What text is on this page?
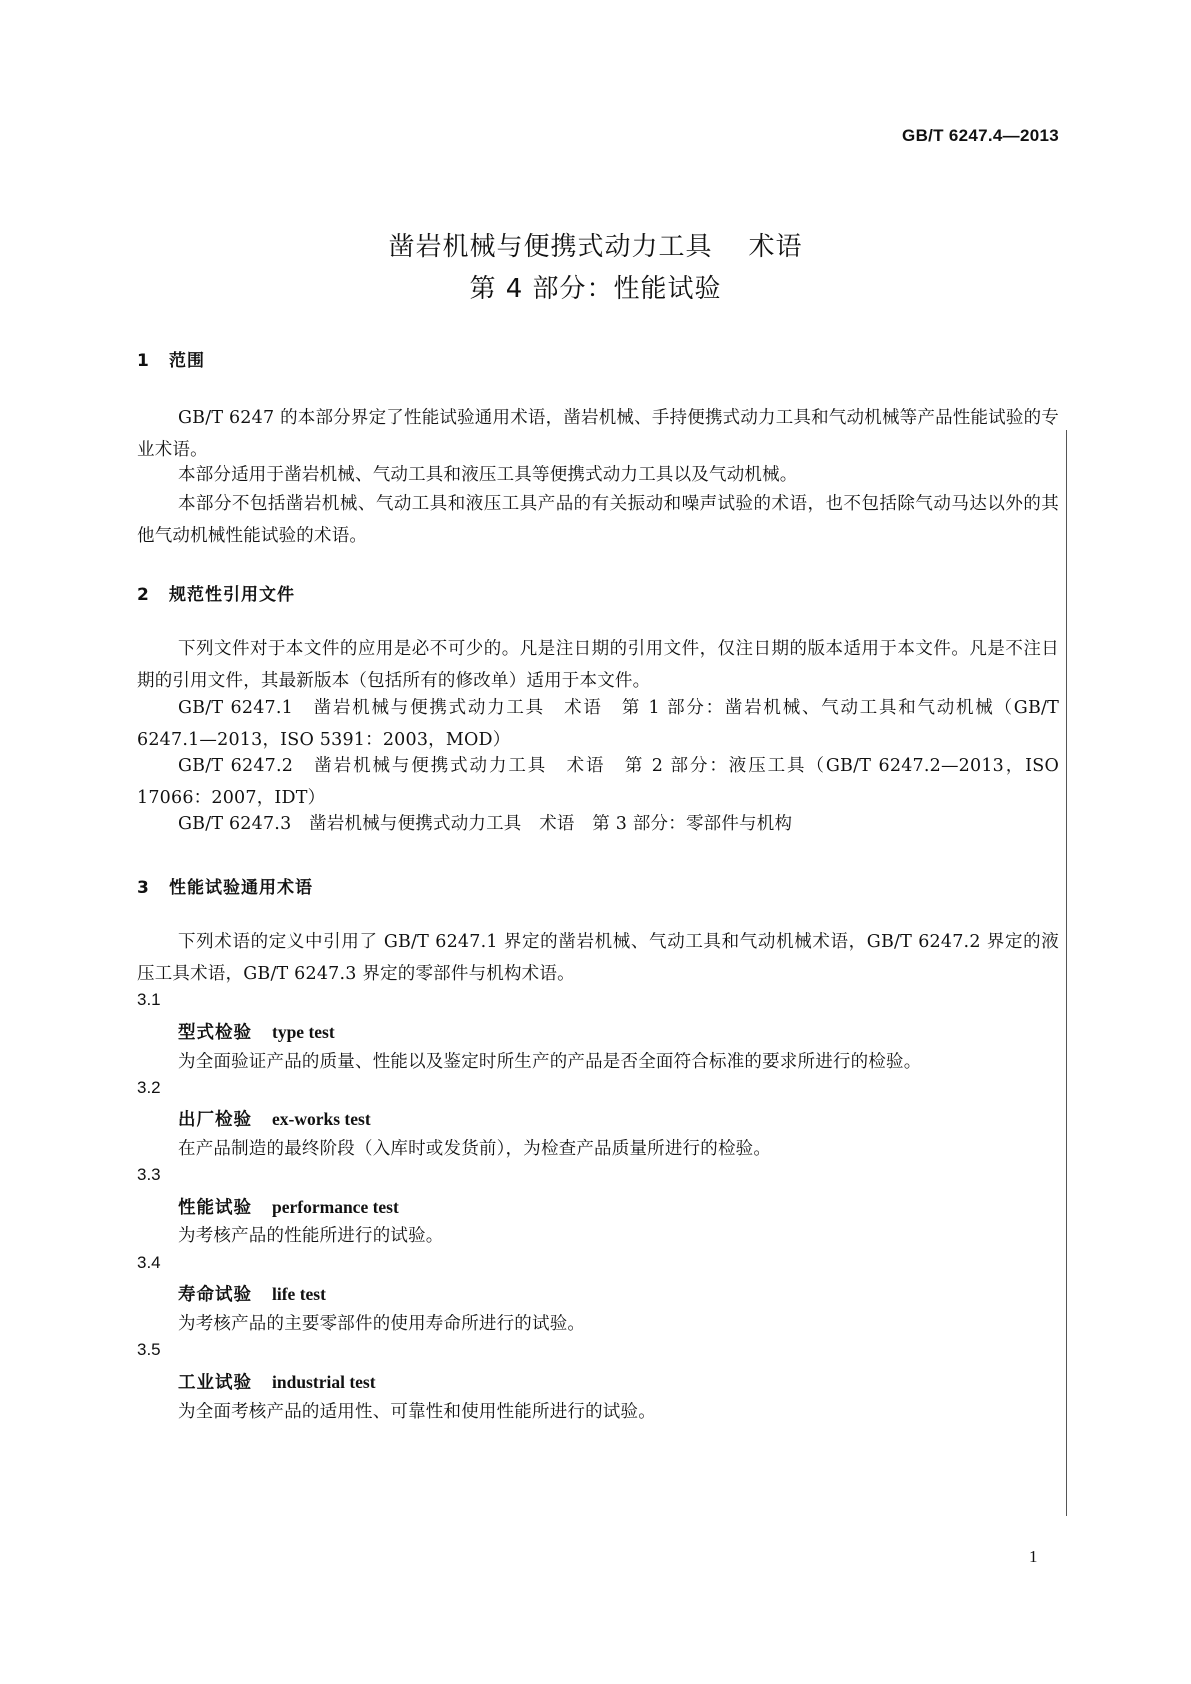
GB/T 6247.4—2013
凿岩机械与便携式动力工具 术语
第 4 部分：性能试验
1 范围
GB/T 6247 的本部分界定了性能试验通用术语，凿岩机械、手持便携式动力工具和气动机械等产品性能试验的专业术语。
本部分适用于凿岩机械、气动工具和液压工具等便携式动力工具以及气动机械。
本部分不包括凿岩机械、气动工具和液压工具产品的有关振动和噪声试验的术语，也不包括除气动马达以外的其他气动机械性能试验的术语。
2 规范性引用文件
下列文件对于本文件的应用是必不可少的。凡是注日期的引用文件，仅注日期的版本适用于本文件。凡是不注日期的引用文件，其最新版本（包括所有的修改单）适用于本文件。
GB/T 6247.1　凿岩机械与便携式动力工具　术语　第 1 部分：凿岩机械、气动工具和气动机械（GB/T 6247.1—2013，ISO 5391：2003，MOD）
GB/T 6247.2　凿岩机械与便携式动力工具　术语　第 2 部分：液压工具（GB/T 6247.2—2013，ISO 17066：2007，IDT）
GB/T 6247.3　凿岩机械与便携式动力工具　术语　第 3 部分：零部件与机构
3 性能试验通用术语
下列术语的定义中引用了 GB/T 6247.1 界定的凿岩机械、气动工具和气动机械术语，GB/T 6247.2 界定的液压工具术语，GB/T 6247.3 界定的零部件与机构术语。
3.1
型式检验 type test
为全面验证产品的质量、性能以及鉴定时所生产的产品是否全面符合标准的要求所进行的检验。
3.2
出厂检验 ex-works test
在产品制造的最终阶段（入库时或发货前），为检查产品质量所进行的检验。
3.3
性能试验 performance test
为考核产品的性能所进行的试验。
3.4
寿命试验 life test
为考核产品的主要零部件的使用寿命所进行的试验。
3.5
工业试验 industrial test
为全面考核产品的适用性、可靠性和使用性能所进行的试验。
1
